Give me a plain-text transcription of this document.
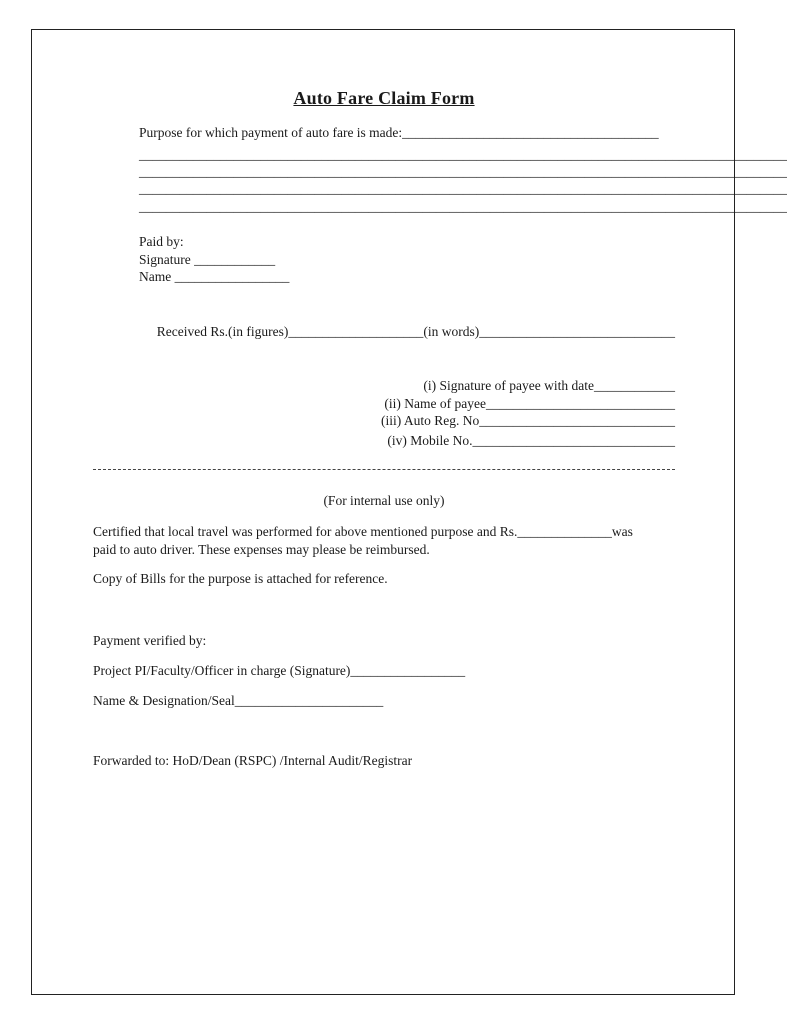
Auto Fare Claim Form
Purpose for which payment of auto fare is made:______________________________________
________________________________________________________________________________________________
________________________________________________________________________________________________
________________________________________________________________________________________________
________________________________________________________________________________________________
Paid by:
Signature ____________
Name _________________
Received Rs.(in figures)____________________(in words)_____________________________
(i) Signature of payee with date____________
(ii) Name of payee____________________________
(iii) Auto Reg. No_____________________________
(iv) Mobile No.______________________________
(For internal use only)
Certified that local travel was performed for above mentioned purpose and Rs.______________was
paid to auto driver. These expenses may please be reimbursed.
Copy of Bills for the purpose is attached for reference.
Payment verified by:
Project PI/Faculty/Officer in charge (Signature)_________________
Name & Designation/Seal______________________
Forwarded to: HoD/Dean (RSPC) /Internal Audit/Registrar
